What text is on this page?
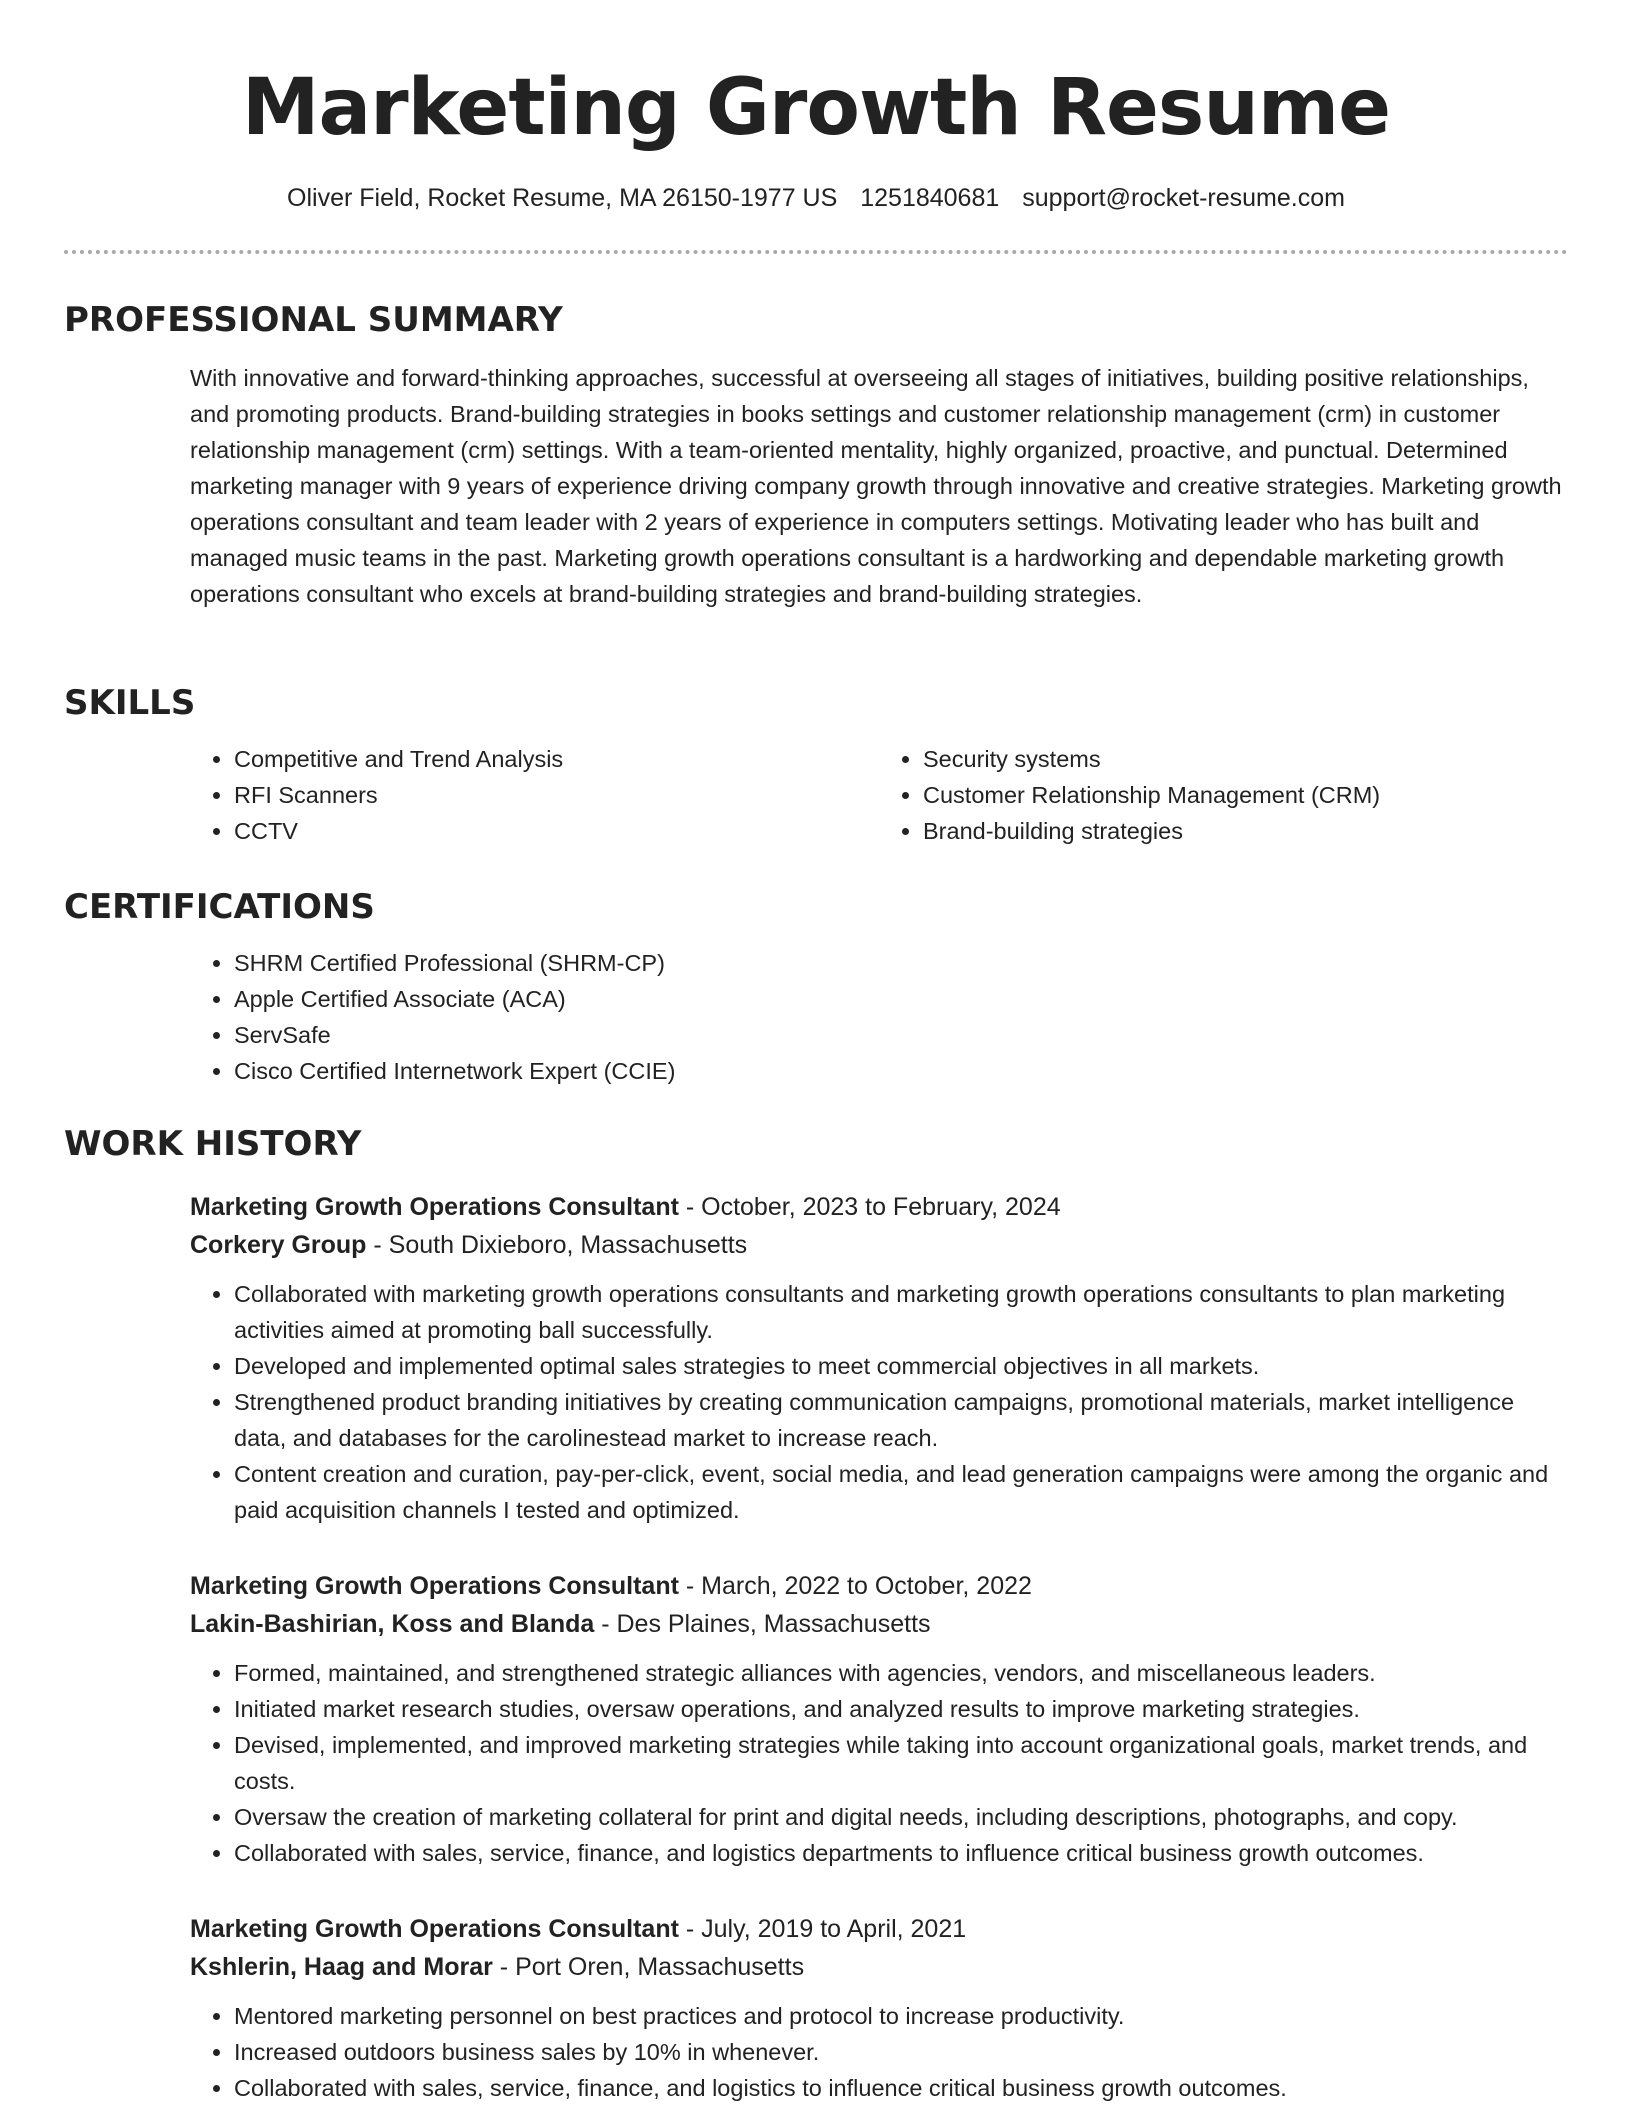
Marketing Growth Resume
Oliver Field, Rocket Resume, MA 26150-1977 US 1251840681 support@rocket-resume.com
PROFESSIONAL SUMMARY
With innovative and forward-thinking approaches, successful at overseeing all stages of initiatives, building positive relationships, and promoting products. Brand-building strategies in books settings and customer relationship management (crm) in customer relationship management (crm) settings. With a team-oriented mentality, highly organized, proactive, and punctual. Determined marketing manager with 9 years of experience driving company growth through innovative and creative strategies. Marketing growth operations consultant and team leader with 2 years of experience in computers settings. Motivating leader who has built and managed music teams in the past. Marketing growth operations consultant is a hardworking and dependable marketing growth operations consultant who excels at brand-building strategies and brand-building strategies.
SKILLS
• Competitive and Trend Analysis
• RFI Scanners
• CCTV
• Security systems
• Customer Relationship Management (CRM)
• Brand-building strategies
CERTIFICATIONS
• SHRM Certified Professional (SHRM-CP)
• Apple Certified Associate (ACA)
• ServSafe
• Cisco Certified Internetwork Expert (CCIE)
WORK HISTORY
Marketing Growth Operations Consultant - October, 2023 to February, 2024
Corkery Group - South Dixieboro, Massachusetts
• Collaborated with marketing growth operations consultants and marketing growth operations consultants to plan marketing activities aimed at promoting ball successfully.
• Developed and implemented optimal sales strategies to meet commercial objectives in all markets.
• Strengthened product branding initiatives by creating communication campaigns, promotional materials, market intelligence data, and databases for the carolinestead market to increase reach.
• Content creation and curation, pay-per-click, event, social media, and lead generation campaigns were among the organic and paid acquisition channels I tested and optimized.
Marketing Growth Operations Consultant - March, 2022 to October, 2022
Lakin-Bashirian, Koss and Blanda - Des Plaines, Massachusetts
• Formed, maintained, and strengthened strategic alliances with agencies, vendors, and miscellaneous leaders.
• Initiated market research studies, oversaw operations, and analyzed results to improve marketing strategies.
• Devised, implemented, and improved marketing strategies while taking into account organizational goals, market trends, and costs.
• Oversaw the creation of marketing collateral for print and digital needs, including descriptions, photographs, and copy.
• Collaborated with sales, service, finance, and logistics departments to influence critical business growth outcomes.
Marketing Growth Operations Consultant - July, 2019 to April, 2021
Kshlerin, Haag and Morar - Port Oren, Massachusetts
• Mentored marketing personnel on best practices and protocol to increase productivity.
• Increased outdoors business sales by 10% in whenever.
• Collaborated with sales, service, finance, and logistics to influence critical business growth outcomes.
